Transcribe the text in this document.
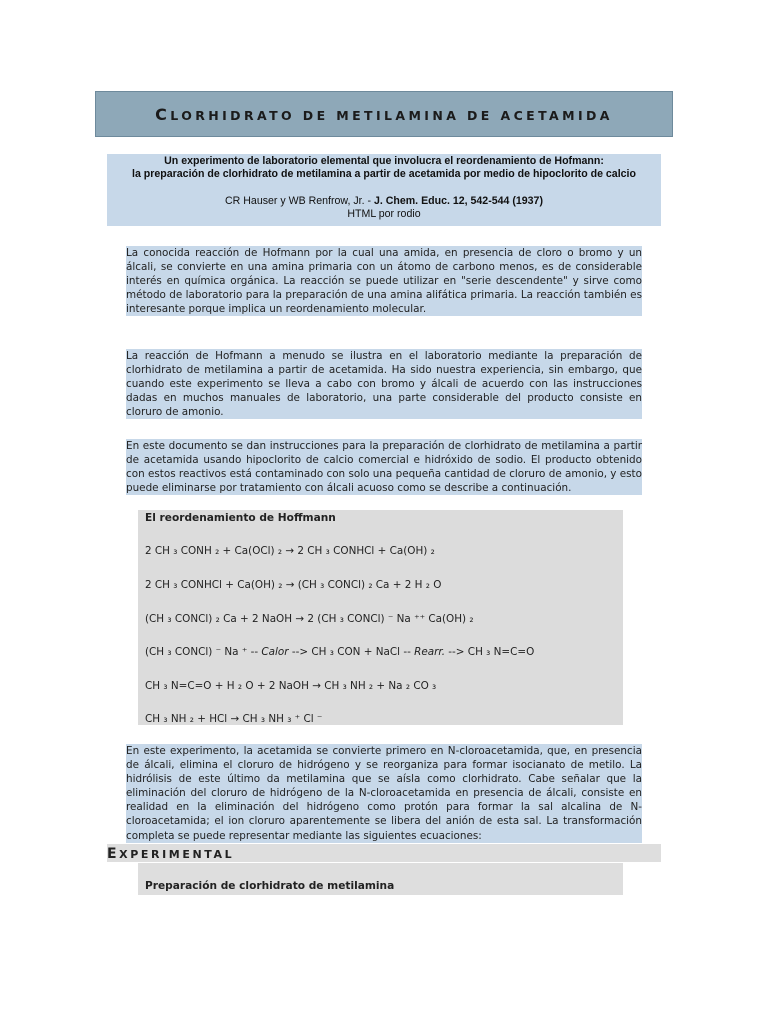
CLORHIDRATO DE METILAMINA DE ACETAMIDA
Un experimento de laboratorio elemental que involucra el reordenamiento de Hofmann:
la preparación de clorhidrato de metilamina a partir de acetamida por medio de hipoclorito de calcio
CR Hauser y WB Renfrow, Jr. - J. Chem. Educ. 12, 542-544 (1937)
HTML por rodio

La conocida reacción de Hofmann por la cual una amida, en presencia de cloro o bromo y un álcali, se convierte en una amina primaria con un átomo de carbono menos, es de considerable interés en química orgánica. La reacción se puede utilizar en "serie descendente" y sirve como método de laboratorio para la preparación de una amina alifática primaria. La reacción también es interesante porque implica un reordenamiento molecular.

La reacción de Hofmann a menudo se ilustra en el laboratorio mediante la preparación de clorhidrato de metilamina a partir de acetamida. Ha sido nuestra experiencia, sin embargo, que cuando este experimento se lleva a cabo con bromo y álcali de acuerdo con las instrucciones dadas en muchos manuales de laboratorio, una parte considerable del producto consiste en cloruro de amonio.

En este documento se dan instrucciones para la preparación de clorhidrato de metilamina a partir de acetamida usando hipoclorito de calcio comercial e hidróxido de sodio. El producto obtenido con estos reactivos está contaminado con solo una pequeña cantidad de cloruro de amonio, y esto puede eliminarse por tratamiento con álcali acuoso como se describe a continuación.

El reordenamiento de Hoffmann
2 CH ₃ CONH ₂ + Ca(OCl) ₂ → 2 CH ₃ CONHCl + Ca(OH) ₂
2 CH ₃ CONHCl + Ca(OH) ₂ → (CH ₃ CONCl) ₂ Ca + 2 H ₂ O
(CH ₃ CONCl) ₂ Ca + 2 NaOH → 2 (CH ₃ CONCl) ⁻ Na ⁺⁺ Ca(OH) ₂
(CH ₃ CONCl) ⁻ Na ⁺ -- Calor --> CH ₃ CON + NaCl -- Rearr. --> CH ₃ N=C=O
CH ₃ N=C=O + H ₂ O + 2 NaOH → CH ₃ NH ₂ + Na ₂ CO ₃
CH ₃ NH ₂ + HCl → CH ₃ NH ₃ ⁺ Cl ⁻

En este experimento, la acetamida se convierte primero en N-cloroacetamida, que, en presencia de álcali, elimina el cloruro de hidrógeno y se reorganiza para formar isocianato de metilo. La hidrólisis de este último da metilamina que se aísla como clorhidrato. Cabe señalar que la eliminación del cloruro de hidrógeno de la N-cloroacetamida en presencia de álcali, consiste en realidad en la eliminación del hidrógeno como protón para formar la sal alcalina de N-cloroacetamida; el ion cloruro aparentemente se libera del anión de esta sal. La transformación completa se puede representar mediante las siguientes ecuaciones:

EXPERIMENTAL
Preparación de clorhidrato de metilamina
